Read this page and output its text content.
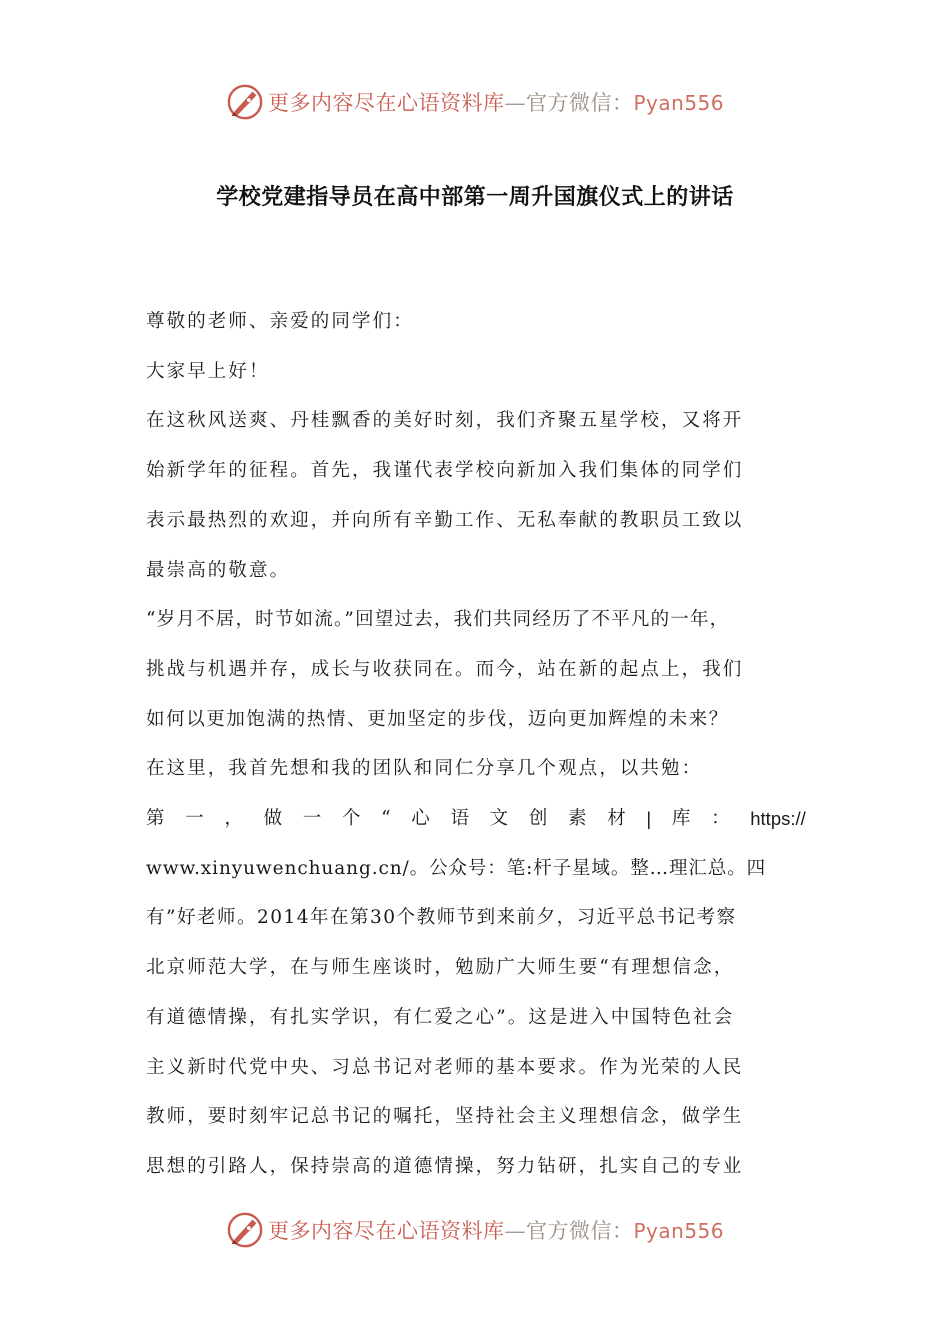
更多内容尽在心语资料库—官方微信：Pyan556
学校党建指导员在高中部第一周升国旗仪式上的讲话
尊敬的老师、亲爱的同学们：
大家早上好！
在这秋风送爽、丹桂飘香的美好时刻，我们齐聚五星学校，又将开
始新学年的征程。首先，我谨代表学校向新加入我们集体的同学们
表示最热烈的欢迎，并向所有辛勤工作、无私奉献的教职员工致以
最崇高的敬意。
“岁月不居，时节如流。”回望过去，我们共同经历了不平凡的一年，
挑战与机遇并存，成长与收获同在。而今，站在新的起点上，我们
如何以更加饱满的热情、更加坚定的步伐，迈向更加辉煌的未来？
在这里，我首先想和我的团队和同仁分享几个观点，以共勉：
第 一 ， 做 一 个 “ 心 语 文 创 素 材 | 库 ： https://
www.xinyuwenchuang.cn/。公众号：笔:杆子星域。整…理汇总。四
有”好老师。2014年在第30个教师节到来前夕，习近平总书记考察
北京师范大学，在与师生座谈时，勉励广大师生要“有理想信念，
有道德情操，有扎实学识，有仁爱之心”。这是进入中国特色社会
主义新时代党中央、习总书记对老师的基本要求。作为光荣的人民
教师，要时刻牢记总书记的嘱托，坚持社会主义理想信念，做学生
思想的引路人，保持崇高的道德情操，努力钻研，扎实自己的专业
更多内容尽在心语资料库—官方微信：Pyan556
